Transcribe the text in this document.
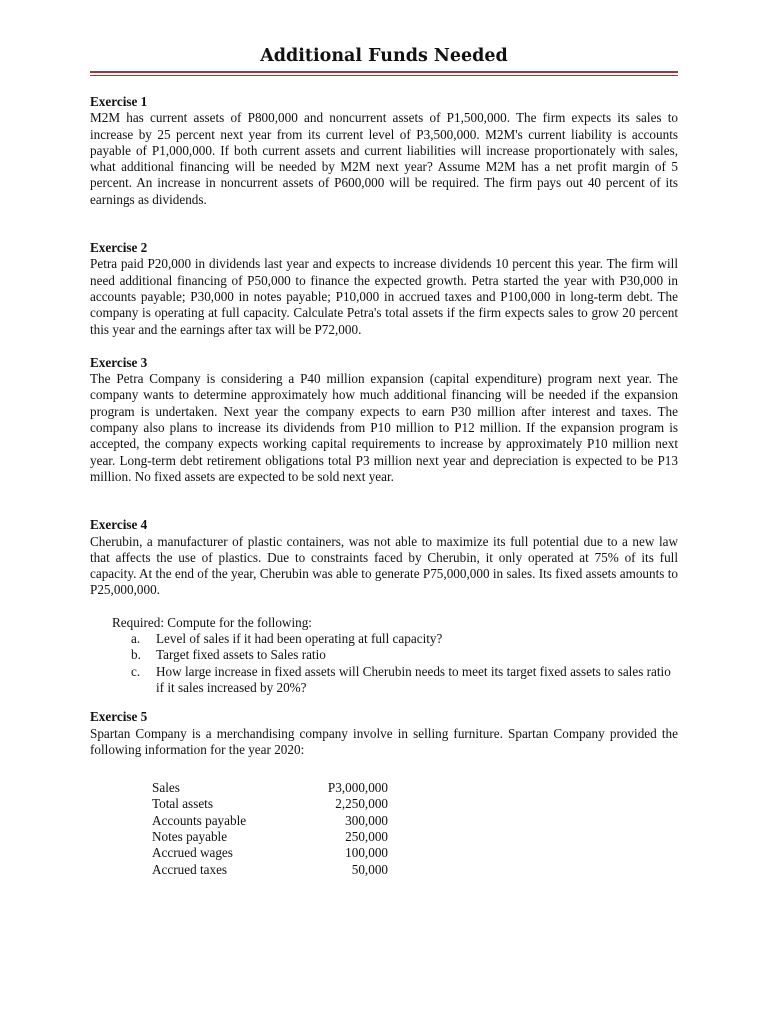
Additional Funds Needed
Exercise 1

M2M has current assets of P800,000 and noncurrent assets of P1,500,000. The firm expects its sales to increase by 25 percent next year from its current level of P3,500,000. M2M's current liability is accounts payable of P1,000,000. If both current assets and current liabilities will increase proportionately with sales, what additional financing will be needed by M2M next year? Assume M2M has a net profit margin of 5 percent. An increase in noncurrent assets of P600,000 will be required. The firm pays out 40 percent of its earnings as dividends.

Exercise 2

Petra paid P20,000 in dividends last year and expects to increase dividends 10 percent this year. The firm will need additional financing of P50,000 to finance the expected growth. Petra started the year with P30,000 in accounts payable; P30,000 in notes payable; P10,000 in accrued taxes and P100,000 in long-term debt. The company is operating at full capacity. Calculate Petra's total assets if the firm expects sales to grow 20 percent this year and the earnings after tax will be P72,000.

Exercise 3

The Petra Company is considering a P40 million expansion (capital expenditure) program next year. The company wants to determine approximately how much additional financing will be needed if the expansion program is undertaken. Next year the company expects to earn P30 million after interest and taxes. The company also plans to increase its dividends from P10 million to P12 million. If the expansion program is accepted, the company expects working capital requirements to increase by approximately P10 million next year. Long-term debt retirement obligations total P3 million next year and depreciation is expected to be P13 million. No fixed assets are expected to be sold next year.

Exercise 4

Cherubin, a manufacturer of plastic containers, was not able to maximize its full potential due to a new law that affects the use of plastics. Due to constraints faced by Cherubin, it only operated at 75% of its full capacity. At the end of the year, Cherubin was able to generate P75,000,000 in sales. Its fixed assets amounts to P25,000,000.

Required: Compute for the following:

a. Level of sales if it had been operating at full capacity?
b. Target fixed assets to Sales ratio
c. How large increase in fixed assets will Cherubin needs to meet its target fixed assets to sales ratio if it sales increased by 20%?
Exercise 5

Spartan Company is a merchandising company involve in selling furniture. Spartan Company provided the following information for the year 2020:

Sales	P3,000,000
Total assets	2,250,000
Accounts payable	300,000
Notes payable	250,000
Accrued wages	100,000
Accrued taxes	50,000
